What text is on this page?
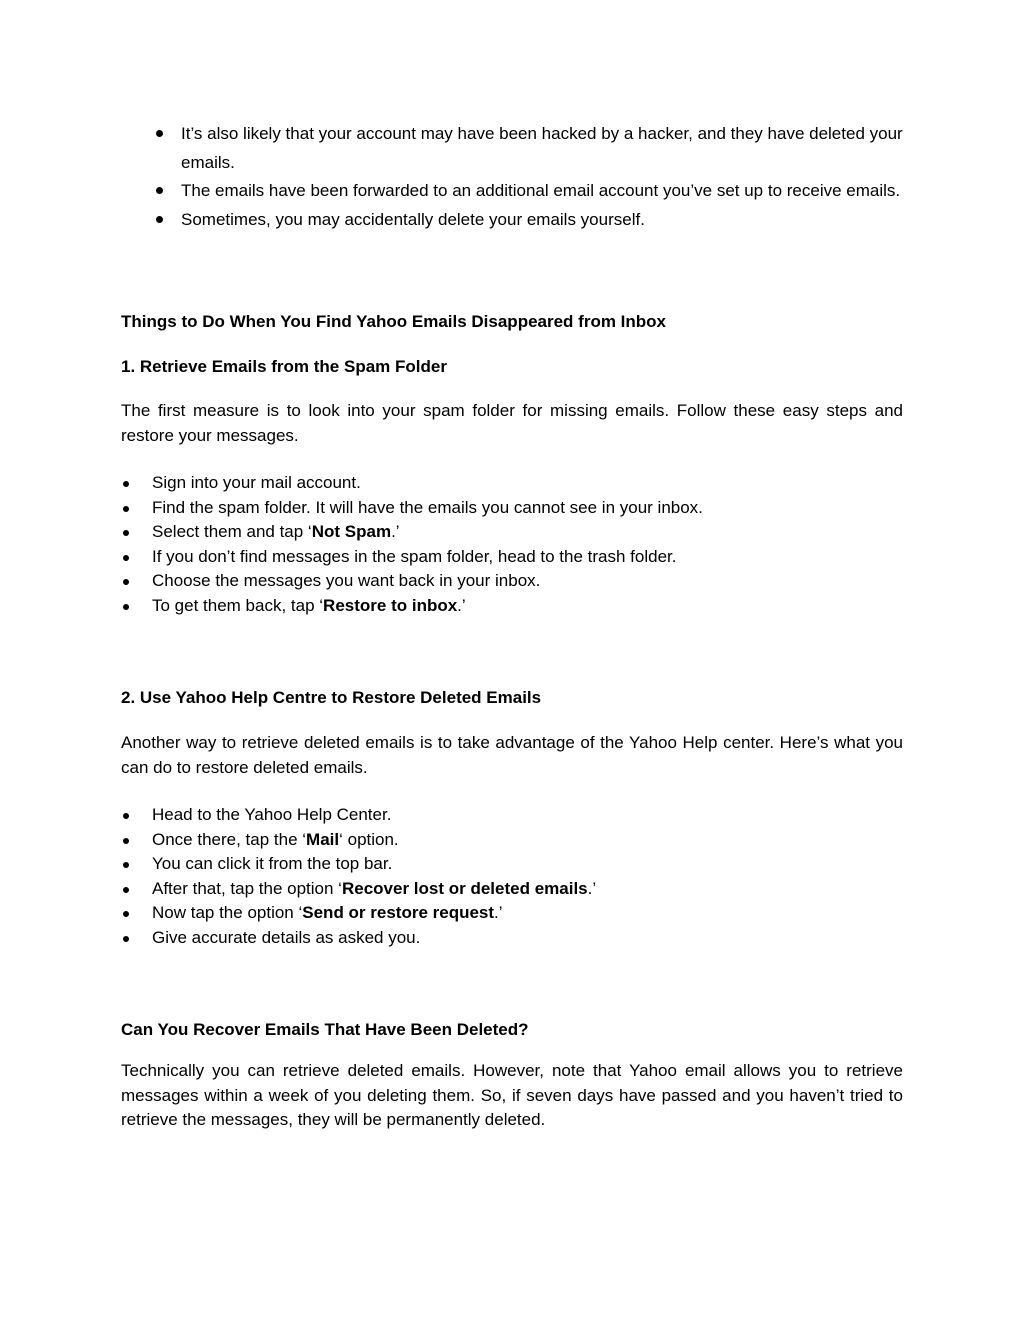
It’s also likely that your account may have been hacked by a hacker, and they have deleted your emails.
The emails have been forwarded to an additional email account you’ve set up to receive emails.
Sometimes, you may accidentally delete your emails yourself.

Things to Do When You Find Yahoo Emails Disappeared from Inbox

1. Retrieve Emails from the Spam Folder

The first measure is to look into your spam folder for missing emails. Follow these easy steps and restore your messages.

Sign into your mail account.
Find the spam folder. It will have the emails you cannot see in your inbox.
Select them and tap ‘Not Spam.’
If you don’t find messages in the spam folder, head to the trash folder.
Choose the messages you want back in your inbox.
To get them back, tap ‘Restore to inbox.’

2. Use Yahoo Help Centre to Restore Deleted Emails

Another way to retrieve deleted emails is to take advantage of the Yahoo Help center. Here’s what you can do to restore deleted emails.

Head to the Yahoo Help Center.
Once there, tap the ‘Mail‘ option.
You can click it from the top bar.
After that, tap the option ‘Recover lost or deleted emails.’
Now tap the option ‘Send or restore request.’
Give accurate details as asked you.

Can You Recover Emails That Have Been Deleted?

Technically you can retrieve deleted emails. However, note that Yahoo email allows you to retrieve messages within a week of you deleting them. So, if seven days have passed and you haven’t tried to retrieve the messages, they will be permanently deleted.
